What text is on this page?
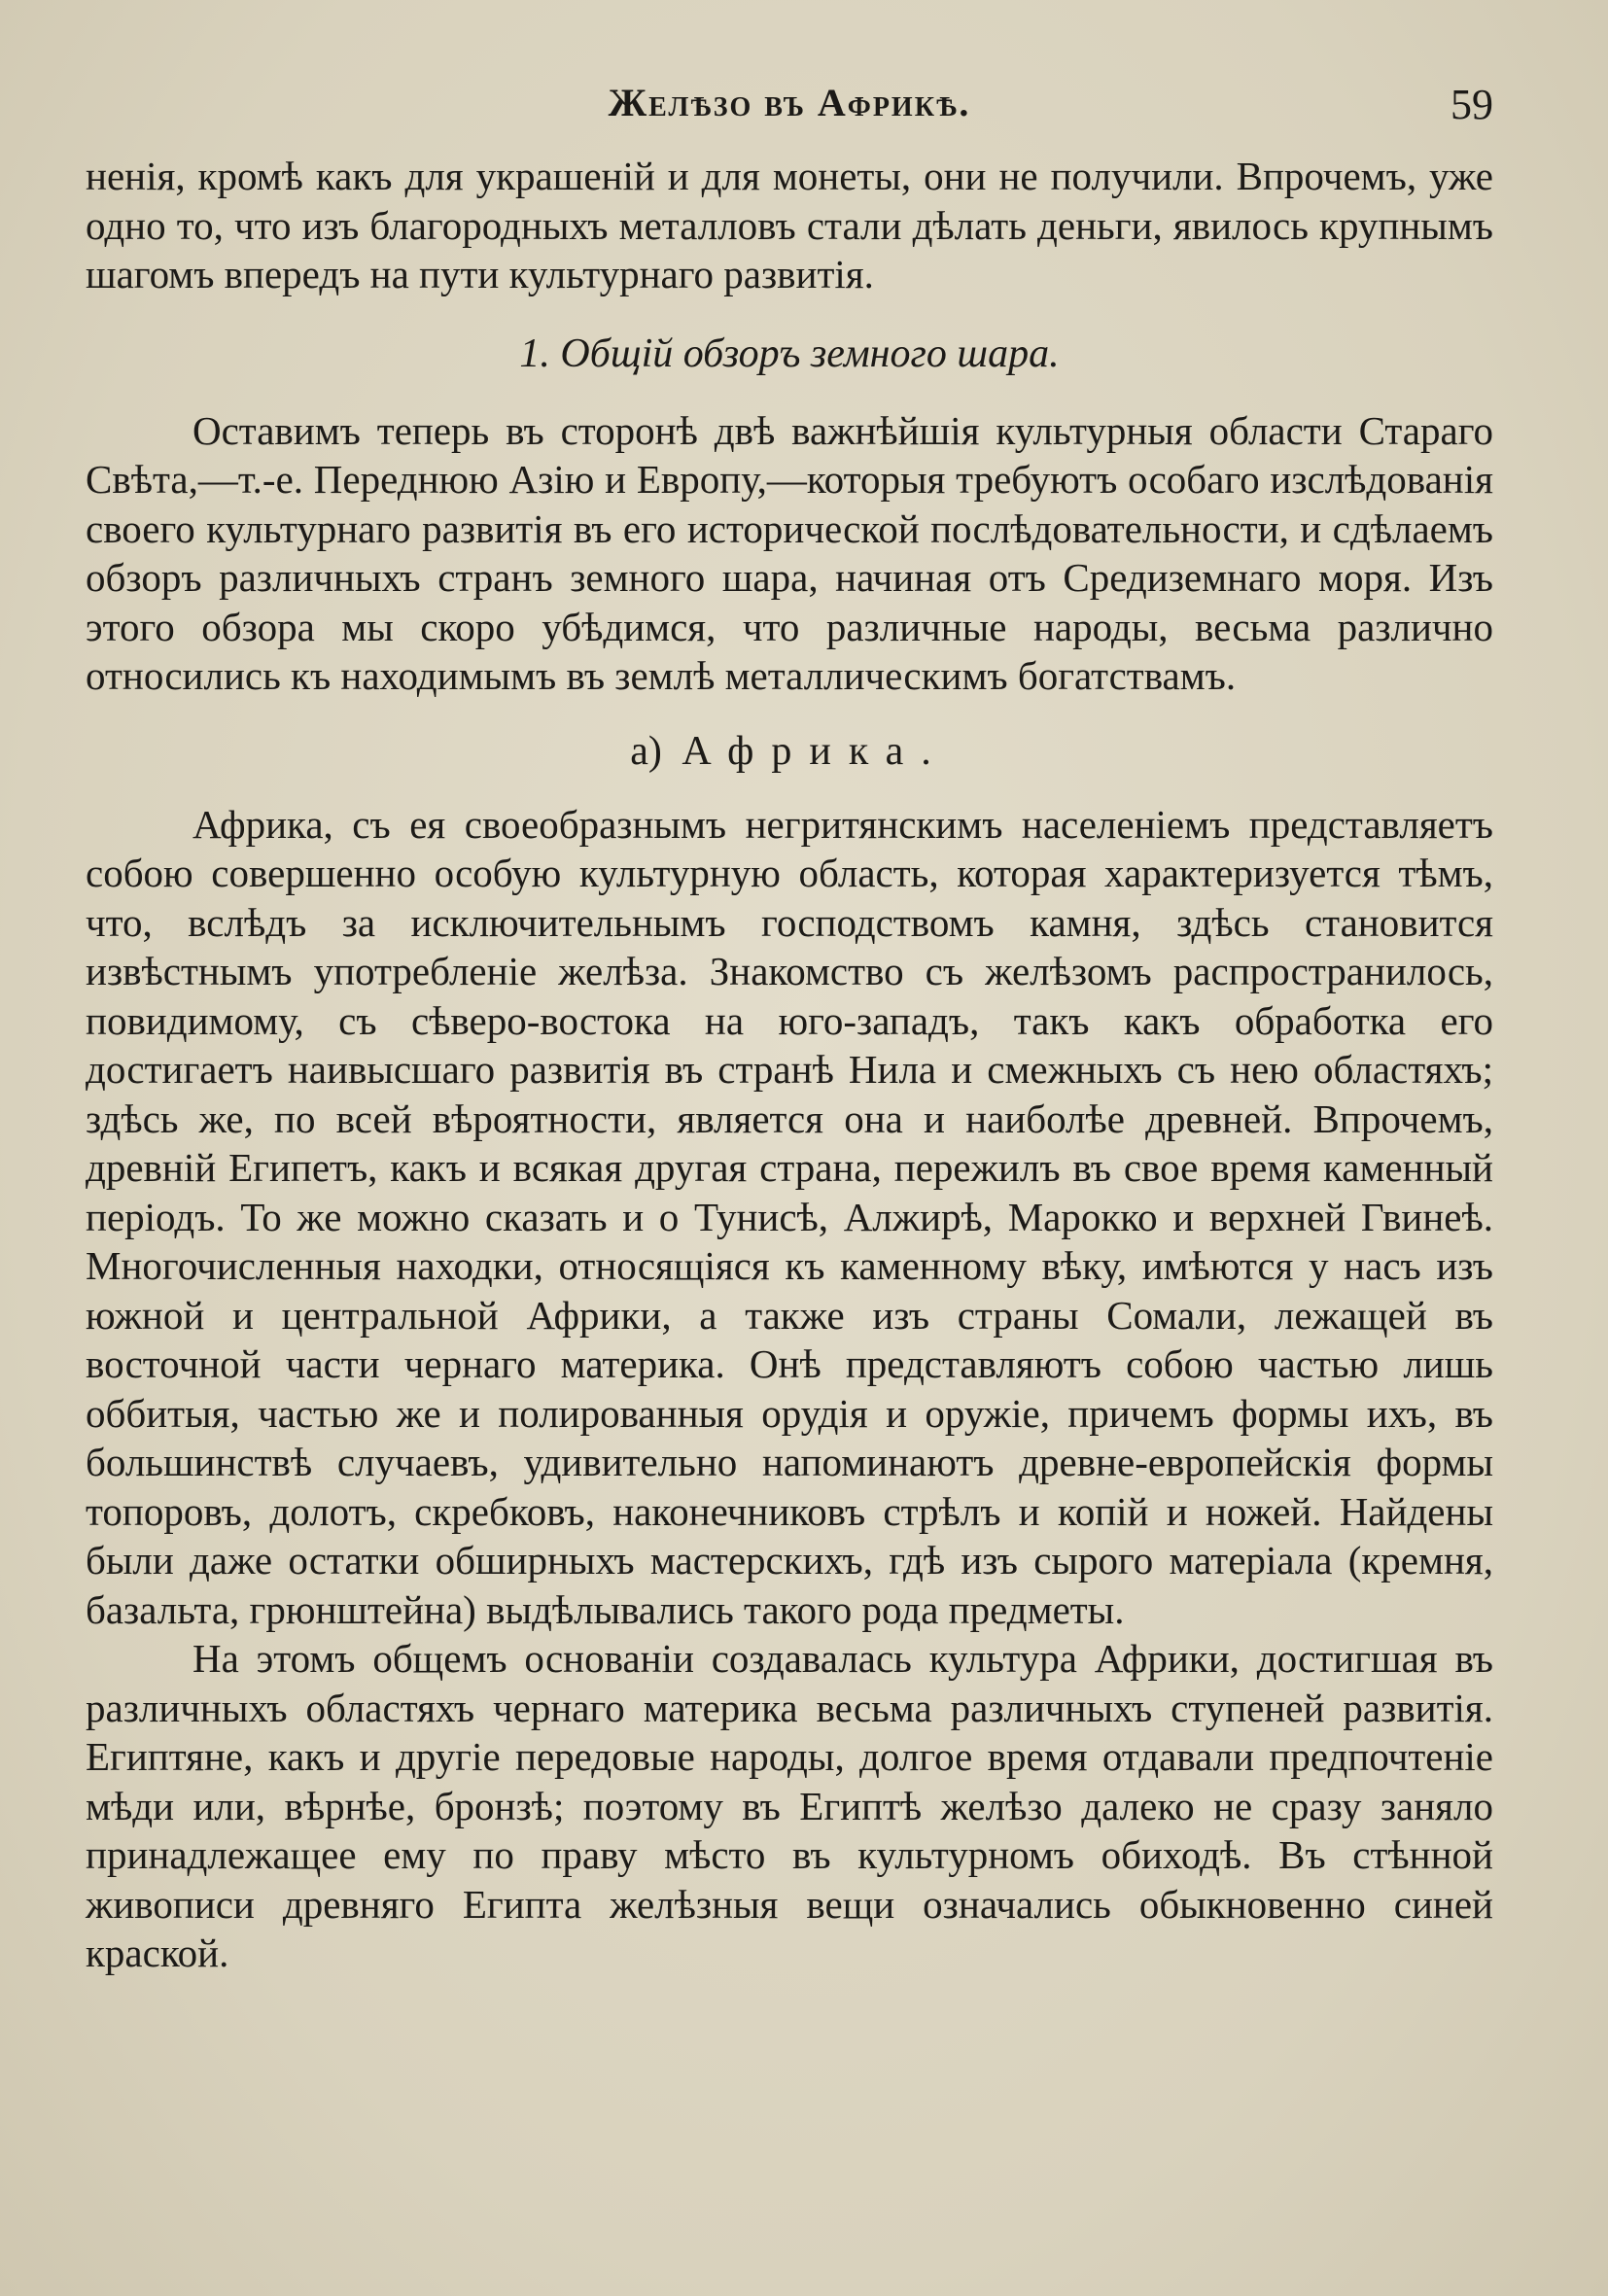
Желѣзо въ Африкѣ.	59

ненія, кромѣ какъ для украшеній и для монеты, они не получили. Впрочемъ, уже одно то, что изъ благородныхъ металловъ стали дѣлать деньги, явилось крупнымъ шагомъ впередъ на пути культурнаго развитія.

1. Общій обзоръ земного шара.

Оставимъ теперь въ сторонѣ двѣ важнѣйшія культурныя области Стараго Свѣта,—т.-е. Переднюю Азію и Европу,—которыя требуютъ особаго изслѣдованія своего культурнаго развитія въ его исторической послѣдовательности, и сдѣлаемъ обзоръ различныхъ странъ земного шара, начиная отъ Средиземнаго моря. Изъ этого обзора мы скоро убѣдимся, что различные народы, весьма различно относились къ находимымъ въ землѣ металлическимъ богатствамъ.

a) Африка.

Африка, съ ея своеобразнымъ негритянскимъ населеніемъ представляетъ собою совершенно особую культурную область, которая характеризуется тѣмъ, что, вслѣдъ за исключительнымъ господствомъ камня, здѣсь становится извѣстнымъ употребленіе желѣза. Знакомство съ желѣзомъ распространилось, повидимому, съ сѣверо-востока на юго-западъ, такъ какъ обработка его достигаетъ наивысшаго развитія въ странѣ Нила и смежныхъ съ нею областяхъ; здѣсь же, по всей вѣроятности, является она и наиболѣе древней. Впрочемъ, древній Египетъ, какъ и всякая другая страна, пережилъ въ свое время каменный періодъ. То же можно сказать и о Тунисѣ, Алжирѣ, Марокко и верхней Гвинеѣ. Многочисленныя находки, относящіяся къ каменному вѣку, имѣются у насъ изъ южной и центральной Африки, а также изъ страны Сомали, лежащей въ восточной части чернаго материка. Онѣ представляютъ собою частью лишь оббитыя, частью же и полированныя орудія и оружіе, причемъ формы ихъ, въ большинствѣ случаевъ, удивительно напоминаютъ древне-европейскія формы топоровъ, долотъ, скребковъ, наконечниковъ стрѣлъ и копій и ножей. Найдены были даже остатки обширныхъ мастерскихъ, гдѣ изъ сырого матеріала (кремня, базальта, грюнштейна) выдѣлывались такого рода предметы.

На этомъ общемъ основаніи создавалась культура Африки, достигшая въ различныхъ областяхъ чернаго материка весьма различныхъ ступеней развитія. Египтяне, какъ и другіе передовые народы, долгое время отдавали предпочтеніе мѣди или, вѣрнѣе, бронзѣ; поэтому въ Египтѣ желѣзо далеко не сразу заняло принадлежащее ему по праву мѣсто въ культурномъ обиходѣ. Въ стѣнной живописи древняго Египта желѣзныя вещи означались обыкновенно синей краской.
